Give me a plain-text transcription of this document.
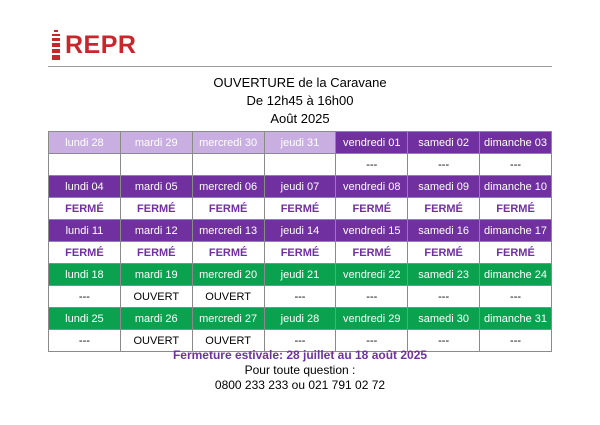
REPR
OUVERTURE de la Caravane
De 12h45 à 16h00
Août 2025
lundi 28	mardi 29	mercredi 30	jeudi 31	vendredi 01	samedi 02	dimanche 03
				---	---	---
lundi 04	mardi 05	mercredi 06	jeudi 07	vendredi 08	samedi 09	dimanche 10
FERMÉ	FERMÉ	FERMÉ	FERMÉ	FERMÉ	FERMÉ	FERMÉ
lundi 11	mardi 12	mercredi 13	jeudi 14	vendredi 15	samedi 16	dimanche 17
FERMÉ	FERMÉ	FERMÉ	FERMÉ	FERMÉ	FERMÉ	FERMÉ
lundi 18	mardi 19	mercredi 20	jeudi 21	vendredi 22	samedi 23	dimanche 24
---	OUVERT	OUVERT	---	---	---	---
lundi 25	mardi 26	mercredi 27	jeudi 28	vendredi 29	samedi 30	dimanche 31
---	OUVERT	OUVERT	---	---	---	---
Fermeture estivale: 28 juillet au 18 août 2025
Pour toute question :
0800 233 233 ou 021 791 02 72
